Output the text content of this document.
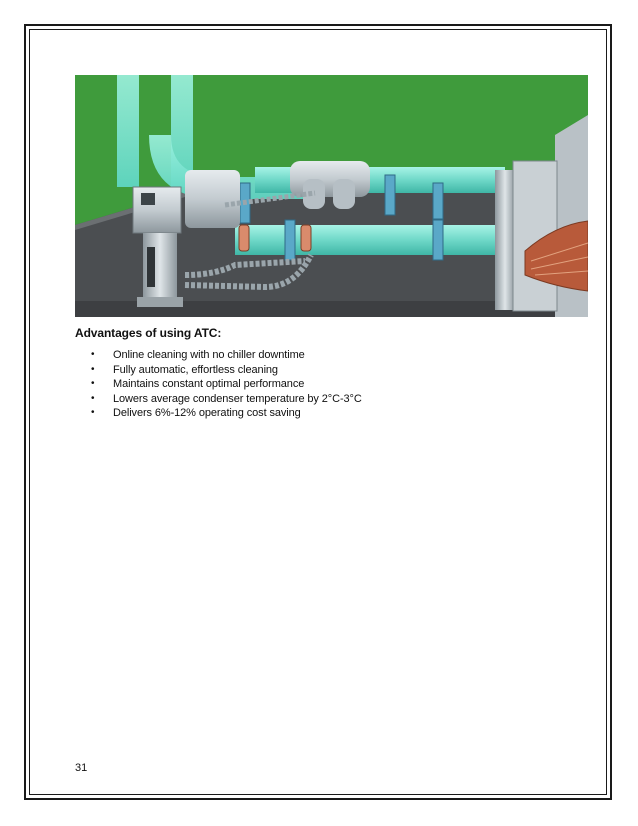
Advantages of using ATC:
• Online cleaning with no chiller downtime
• Fully automatic, effortless cleaning
• Maintains constant optimal performance
• Lowers average condenser temperature by 2°C-3°C
• Delivers 6%-12% operating cost saving
31
